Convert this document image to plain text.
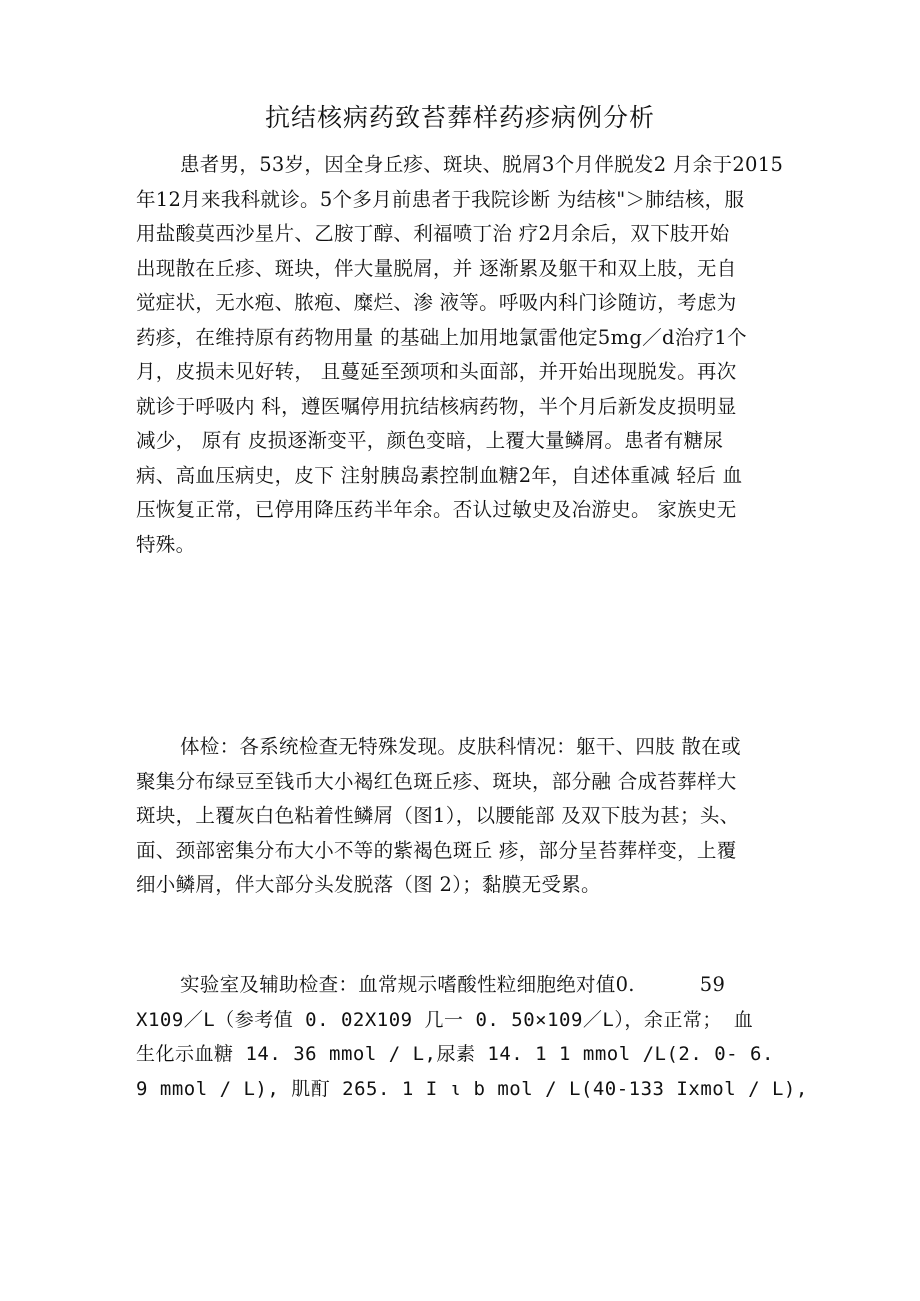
抗结核病药致苔葬样药疹病例分析
患者男，53岁，因全身丘疹、斑块、脱屑3个月伴脱发2 月余于2015
年12月来我科就诊。5个多月前患者于我院诊断 为结核"＞肺结核，服
用盐酸莫西沙星片、乙胺丁醇、利福喷丁治 疗2月余后，双下肢开始
出现散在丘疹、斑块，伴大量脱屑，并 逐渐累及躯干和双上肢，无自
觉症状，无水疱、脓疱、糜烂、渗 液等。呼吸内科门诊随访，考虑为
药疹，在维持原有药物用量 的基础上加用地氯雷他定5mg／d治疗1个
月，皮损未见好转， 且蔓延至颈项和头面部，并开始出现脱发。再次
就诊于呼吸内 科，遵医嘱停用抗结核病药物，半个月后新发皮损明显
减少， 原有 皮损逐渐变平，颜色变暗，上覆大量鳞屑。患者有糖尿
病、高血压病史，皮下 注射胰岛素控制血糖2年，自述体重减 轻后 血
压恢复正常，已停用降压药半年余。否认过敏史及冶游史。 家族史无
特殊。
体检：各系统检查无特殊发现。皮肤科情况：躯干、四肢 散在或
聚集分布绿豆至钱币大小褐红色斑丘疹、斑块，部分融 合成苔葬样大
斑块，上覆灰白色粘着性鳞屑（图1），以腰能部 及双下肢为甚；头、
面、颈部密集分布大小不等的紫褐色斑丘 疹，部分呈苔葬样变，上覆
细小鳞屑，伴大部分头发脱落（图 2）；黏膜无受累。
实验室及辅助检查：血常规示嗜酸性粒细胞绝对值0.          59
X109／L（参考值 0. 02X109 几一 0. 50×109／L），余正常； 血
生化示血糖 14. 36 mmol / L,尿素 14. 1 1 mmol /L(2. 0- 6.
9 mmol / L), 肌酊 265. 1 I ι b mol / L(40-133 Ixmol / L),
